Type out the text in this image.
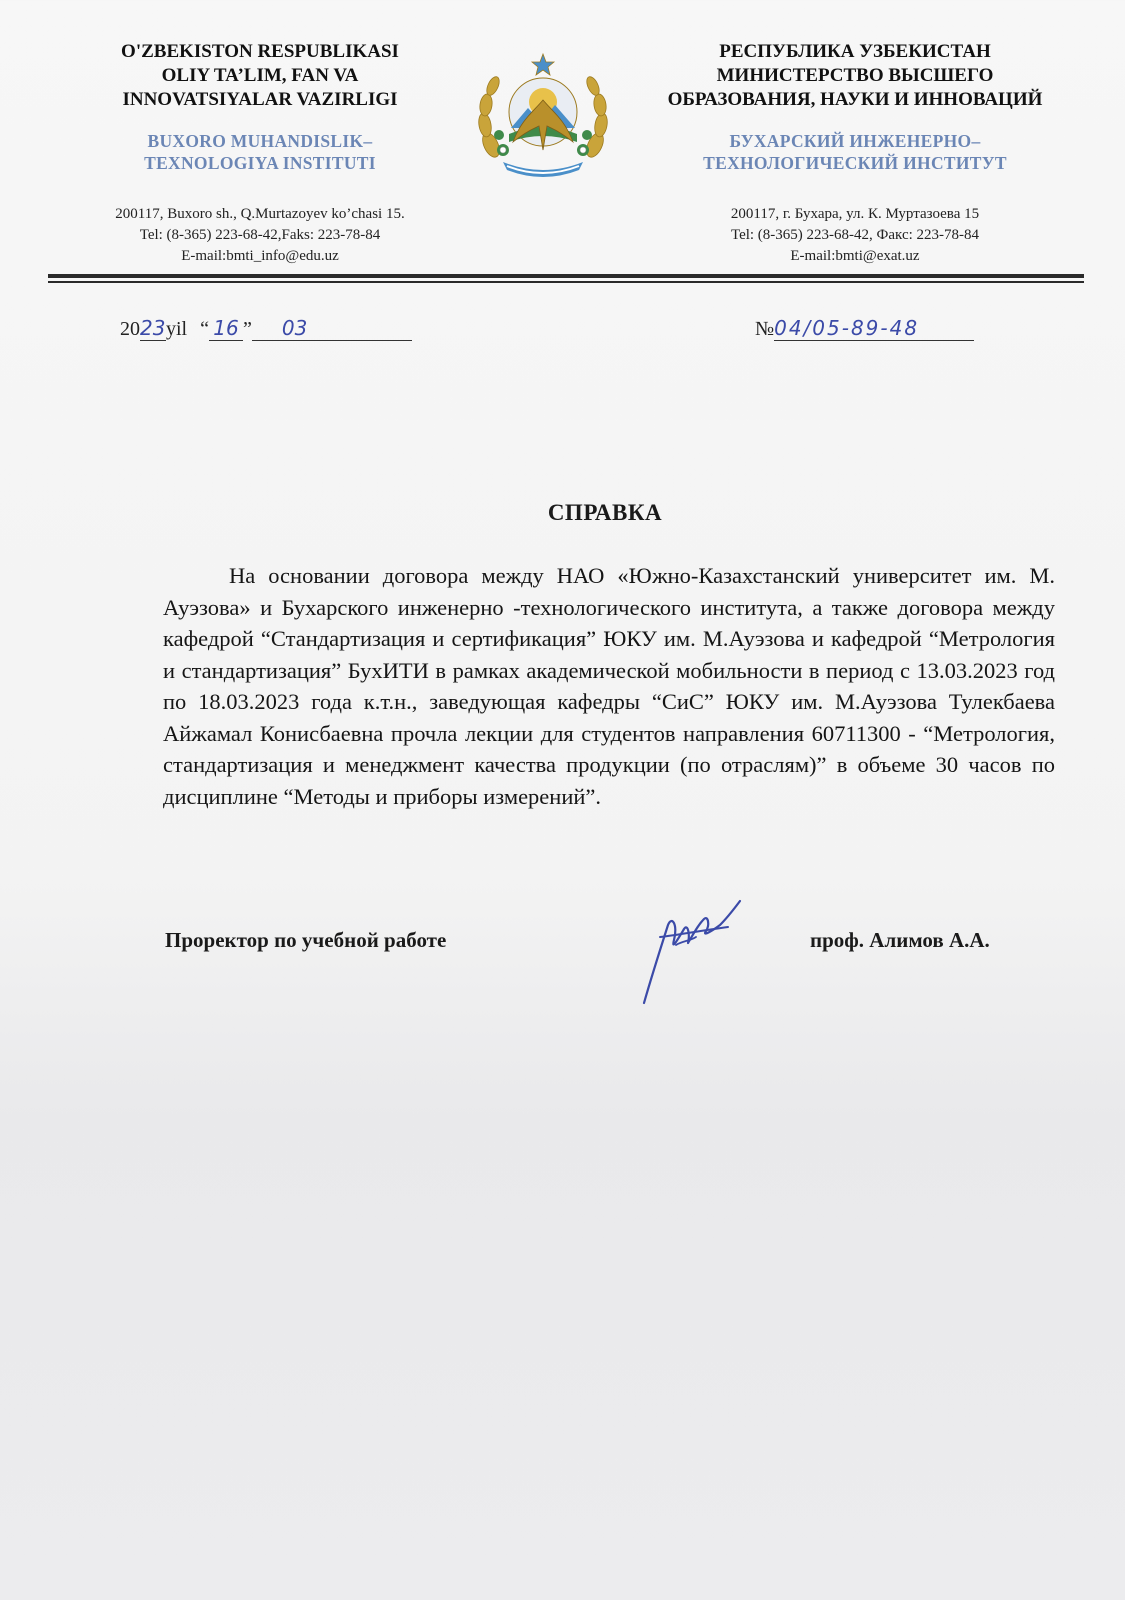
O'ZBEKISTON RESPUBLIKASI
OLIY TA’LIM, FAN VA
INNOVATSIYALAR VAZIRLIGI
BUXORO MUHANDISLIK–
TEXNOLOGIYA INSTITUTI
200117, Buxoro sh., Q.Murtazoyev ko’chasi 15.
Tel: (8-365) 223-68-42,Faks: 223-78-84
E-mail:bmti_info@edu.uz
РЕСПУБЛИКА УЗБЕКИСТАН
МИНИСТЕРСТВО ВЫСШЕГО
ОБРАЗОВАНИЯ, НАУКИ И ИННОВАЦИЙ
БУХАРСКИЙ ИНЖЕНЕРНО–
ТЕХНОЛОГИЧЕСКИЙ ИНСТИТУТ
200117, г. Бухара, ул. К. Муртазоева 15
Tel: (8-365) 223-68-42, Факс: 223-78-84
E-mail:bmti@exat.uz
2023yil “ 16 ” 03	№04/05-89-48
СПРАВКА
На основании договора между НАО «Южно-Казахстанский университет им. М. Ауэзова» и Бухарского инженерно -технологического института, а также договора между кафедрой “Стандартизация и сертификация” ЮКУ им. М.Ауэзова и кафедрой “Метрология и стандартизация” БухИТИ в рамках академической мобильности в период с 13.03.2023 год по 18.03.2023 года к.т.н., заведующая кафедры “СиС” ЮКУ им. М.Ауэзова Тулекбаева Айжамал Конисбаевна прочла лекции для студентов направления 60711300 - “Метрология, стандартизация и менеджмент качества продукции (по отраслям)” в объеме 30 часов по дисциплине “Методы и приборы измерений”.
Проректор по учебной работе	проф. Алимов А.А.
